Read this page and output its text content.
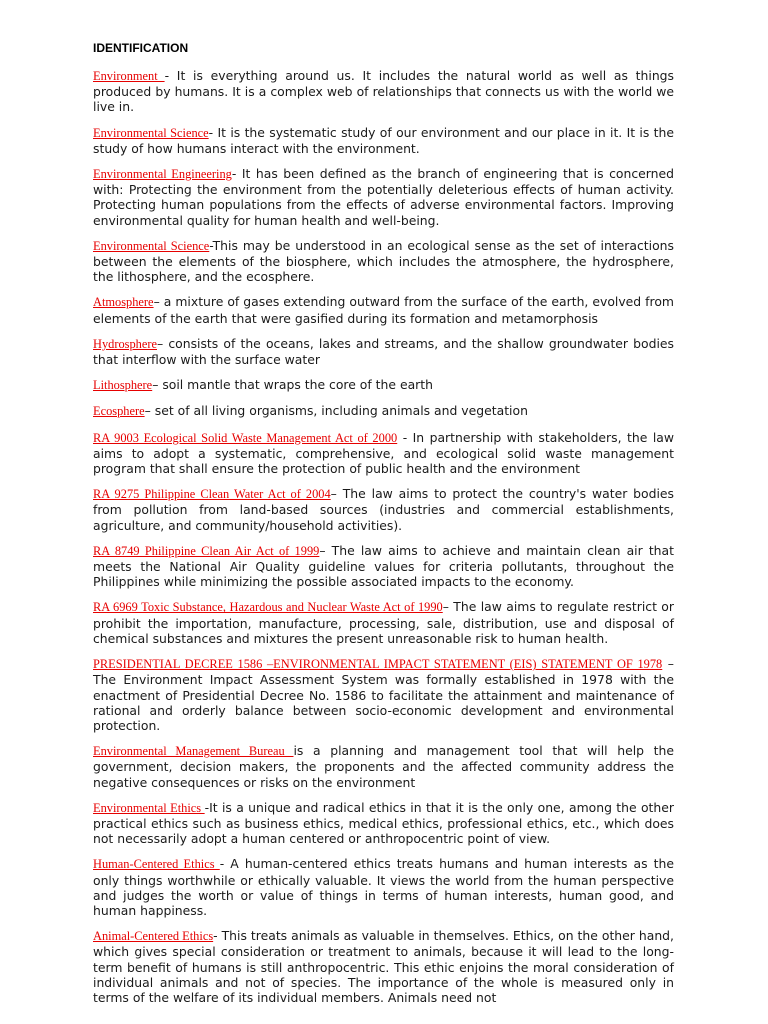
IDENTIFICATION

Environment - It is everything around us. It includes the natural world as well as things produced by humans. It is a complex web of relationships that connects us with the world we live in.

Environmental Science- It is the systematic study of our environment and our place in it. It is the study of how humans interact with the environment.

Environmental Engineering- It has been defined as the branch of engineering that is concerned with: Protecting the environment from the potentially deleterious effects of human activity. Protecting human populations from the effects of adverse environmental factors. Improving environmental quality for human health and well-being.

Environmental Science-This may be understood in an ecological sense as the set of interactions between the elements of the biosphere, which includes the atmosphere, the hydrosphere, the lithosphere, and the ecosphere.

Atmosphere– a mixture of gases extending outward from the surface of the earth, evolved from elements of the earth that were gasified during its formation and metamorphosis

Hydrosphere– consists of the oceans, lakes and streams, and the shallow groundwater bodies that interflow with the surface water

Lithosphere– soil mantle that wraps the core of the earth

Ecosphere– set of all living organisms, including animals and vegetation

RA 9003 Ecological Solid Waste Management Act of 2000 - In partnership with stakeholders, the law aims to adopt a systematic, comprehensive, and ecological solid waste management program that shall ensure the protection of public health and the environment

RA 9275 Philippine Clean Water Act of 2004– The law aims to protect the country's water bodies from pollution from land-based sources (industries and commercial establishments, agriculture, and community/household activities).

RA 8749 Philippine Clean Air Act of 1999– The law aims to achieve and maintain clean air that meets the National Air Quality guideline values for criteria pollutants, throughout the Philippines while minimizing the possible associated impacts to the economy.

RA 6969 Toxic Substance, Hazardous and Nuclear Waste Act of 1990– The law aims to regulate restrict or prohibit the importation, manufacture, processing, sale, distribution, use and disposal of chemical substances and mixtures the present unreasonable risk to human health.

PRESIDENTIAL DECREE 1586 –ENVIRONMENTAL IMPACT STATEMENT (EIS) STATEMENT OF 1978 – The Environment Impact Assessment System was formally established in 1978 with the enactment of Presidential Decree No. 1586 to facilitate the attainment and maintenance of rational and orderly balance between socio-economic development and environmental protection.

Environmental Management Bureau is a planning and management tool that will help the government, decision makers, the proponents and the affected community address the negative consequences or risks on the environment

Environmental Ethics -It is a unique and radical ethics in that it is the only one, among the other practical ethics such as business ethics, medical ethics, professional ethics, etc., which does not necessarily adopt a human centered or anthropocentric point of view.

Human-Centered Ethics - A human-centered ethics treats humans and human interests as the only things worthwhile or ethically valuable. It views the world from the human perspective and judges the worth or value of things in terms of human interests, human good, and human happiness.

Animal-Centered Ethics- This treats animals as valuable in themselves. Ethics, on the other hand, which gives special consideration or treatment to animals, because it will lead to the long-term benefit of humans is still anthropocentric. This ethic enjoins the moral consideration of individual animals and not of species. The importance of the whole is measured only in terms of the welfare of its individual members. Animals need not
